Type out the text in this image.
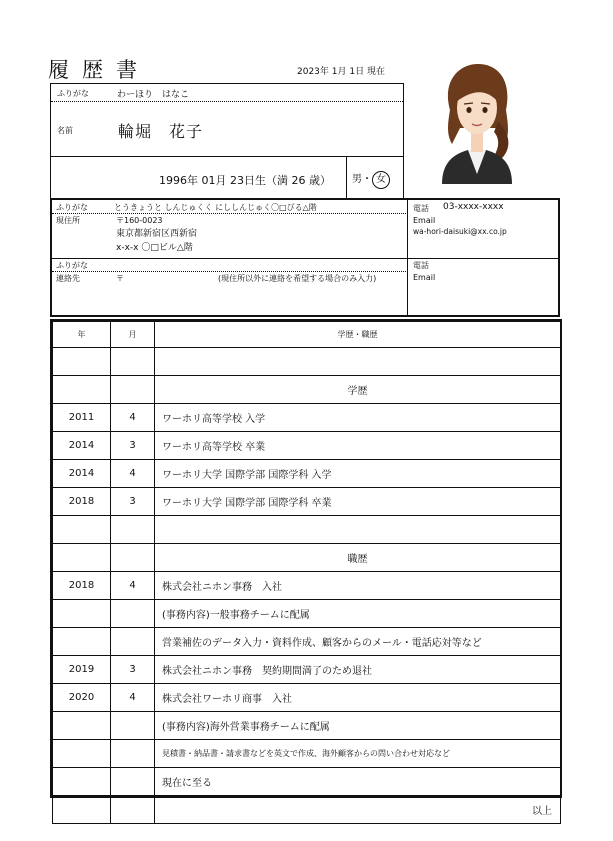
履歴書	2023年 1月 1日 現在
ふりがな	わーほり　はなこ
名前	輪堀　花子
1996年 01月 23日生（満 26 歳） 男・ 女
ふりがな	とうきょうと しんじゅくく にししんじゅく〇□びる△階
現住所	〒160-0023
東京都新宿区西新宿
x-x-x 〇□ビル△階
電話 03-xxxx-xxxx
Email
wa-hori-daisuki@xx.co.jp
ふりがな
連絡先	〒	(現住所以外に連絡を希望する場合のみ入力)
電話
Email
年	月	学歴・職歴

		学歴
2011	4	ワーホリ高等学校 入学
2014	3	ワーホリ高等学校 卒業
2014	4	ワーホリ大学 国際学部 国際学科 入学
2018	3	ワーホリ大学 国際学部 国際学科 卒業

		職歴
2018	4	株式会社ニホン事務　入社
		(事務内容)一般事務チームに配属
		営業補佐のデータ入力・資料作成、顧客からのメール・電話応対等など
2019	3	株式会社ニホン事務　契約期間満了のため退社
2020	4	株式会社ワーホリ商事　入社
		(事務内容)海外営業事務チームに配属
		見積書・納品書・請求書などを英文で作成、海外顧客からの問い合わせ対応など
		現在に至る
		以上
